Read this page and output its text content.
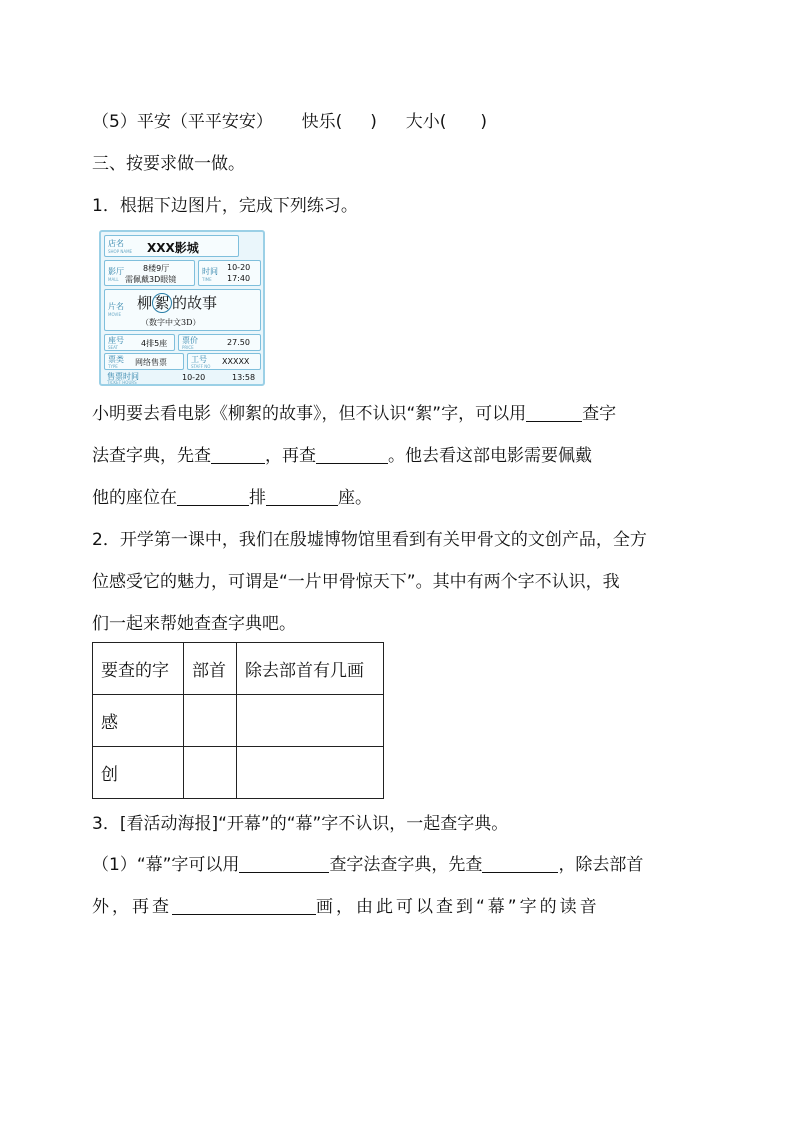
（5）平安（平平安安） 快乐( ) 大小( )
三、按要求做一做。
1．根据下边图片，完成下列练习。
店名
SHOP NAME XXX影城
影厅
MALL
8楼9厅
需佩戴3D眼镜
时间
TIME
10-20
17:40
片名
MOVIE
柳 絮 的故事
（数字中文3D）
座号
SEAT	4排5座 票价
PRICE
27.50
票类
TYPE 网络售票	工号
STAFF NO
XXXXX
售票时间
TICKET HOURS
10-20	13:58
小明要去看电影《柳絮的故事》，但不认识“絮”字，可以用	查字
法查字典，先查	，再查	。他去看这部电影需要佩戴
他的座位在	排	座。
2．开学第一课中，我们在殷墟博物馆里看到有关甲骨文的文创产品，全方
位感受它的魅力，可谓是“一片甲骨惊天下”。其中有两个字不认识，我
们一起来帮她查查字典吧。
要查的字	部首	除去部首有几画
感		
创		
3．[看活动海报]“开幕”的“幕”字不认识，一起查字典。
（1）“幕”字可以用	查字法查字典，先查	，除去部首
外，再查	画，由此可以查到“幕”字的读音
